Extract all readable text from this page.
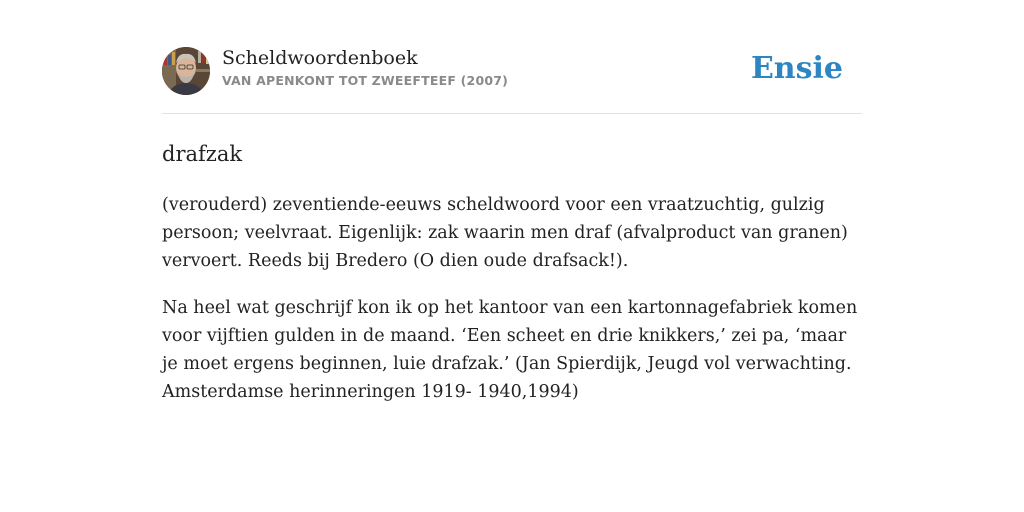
Scheldwoordenboek
VAN APENKONT TOT ZWEEFTEEF (2007)	Ensie
drafzak

(verouderd) zeventiende-eeuws scheldwoord voor een vraatzuchtig, gulzig persoon; veelvraat. Eigenlijk: zak waarin men draf (afvalproduct van granen) vervoert. Reeds bij Bredero (O dien oude drafsack!).

Na heel wat geschrijf kon ik op het kantoor van een kartonnagefabriek komen voor vijftien gulden in de maand. ‘Een scheet en drie knikkers,’ zei pa, ‘maar je moet ergens beginnen, luie drafzak.’ (Jan Spierdijk, Jeugd vol verwachting. Amsterdamse herinneringen 1919- 1940,1994)
